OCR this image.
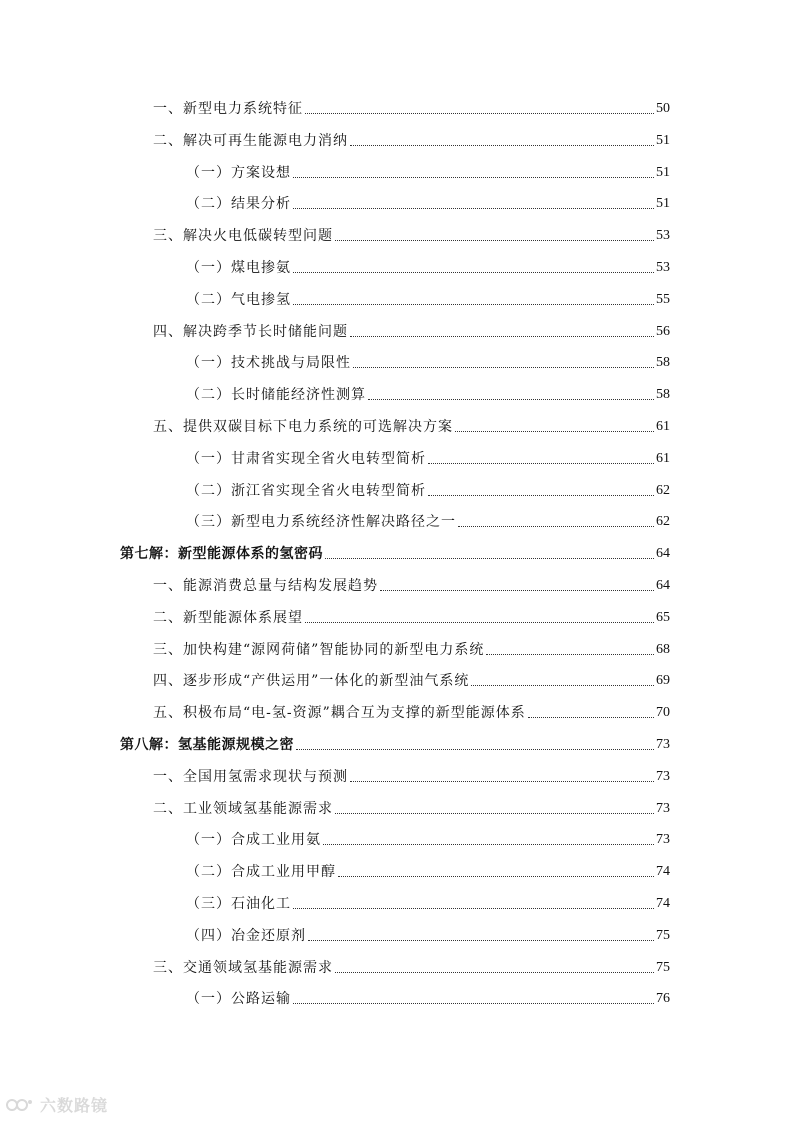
一、新型电力系统特征	50
二、解决可再生能源电力消纳	51
（一）方案设想	51
（二）结果分析	51
三、解决火电低碳转型问题	53
（一）煤电掺氨	53
（二）气电掺氢	55
四、解决跨季节长时储能问题	56
（一）技术挑战与局限性	58
（二）长时储能经济性测算	58
五、提供双碳目标下电力系统的可选解决方案	61
（一）甘肃省实现全省火电转型简析	61
（二）浙江省实现全省火电转型简析	62
（三）新型电力系统经济性解决路径之一	62
第七解：新型能源体系的氢密码	64
一、能源消费总量与结构发展趋势	64
二、新型能源体系展望	65
三、加快构建“源网荷储”智能协同的新型电力系统	68
四、逐步形成“产供运用”一体化的新型油气系统	69
五、积极布局“电-氢-资源”耦合互为支撑的新型能源体系	70
第八解：氢基能源规模之密	73
一、全国用氢需求现状与预测	73
二、工业领域氢基能源需求	73
（一）合成工业用氨	73
（二）合成工业用甲醇	74
（三）石油化工	74
（四）冶金还原剂	75
三、交通领域氢基能源需求	75
（一）公路运输	76
六数路镜
